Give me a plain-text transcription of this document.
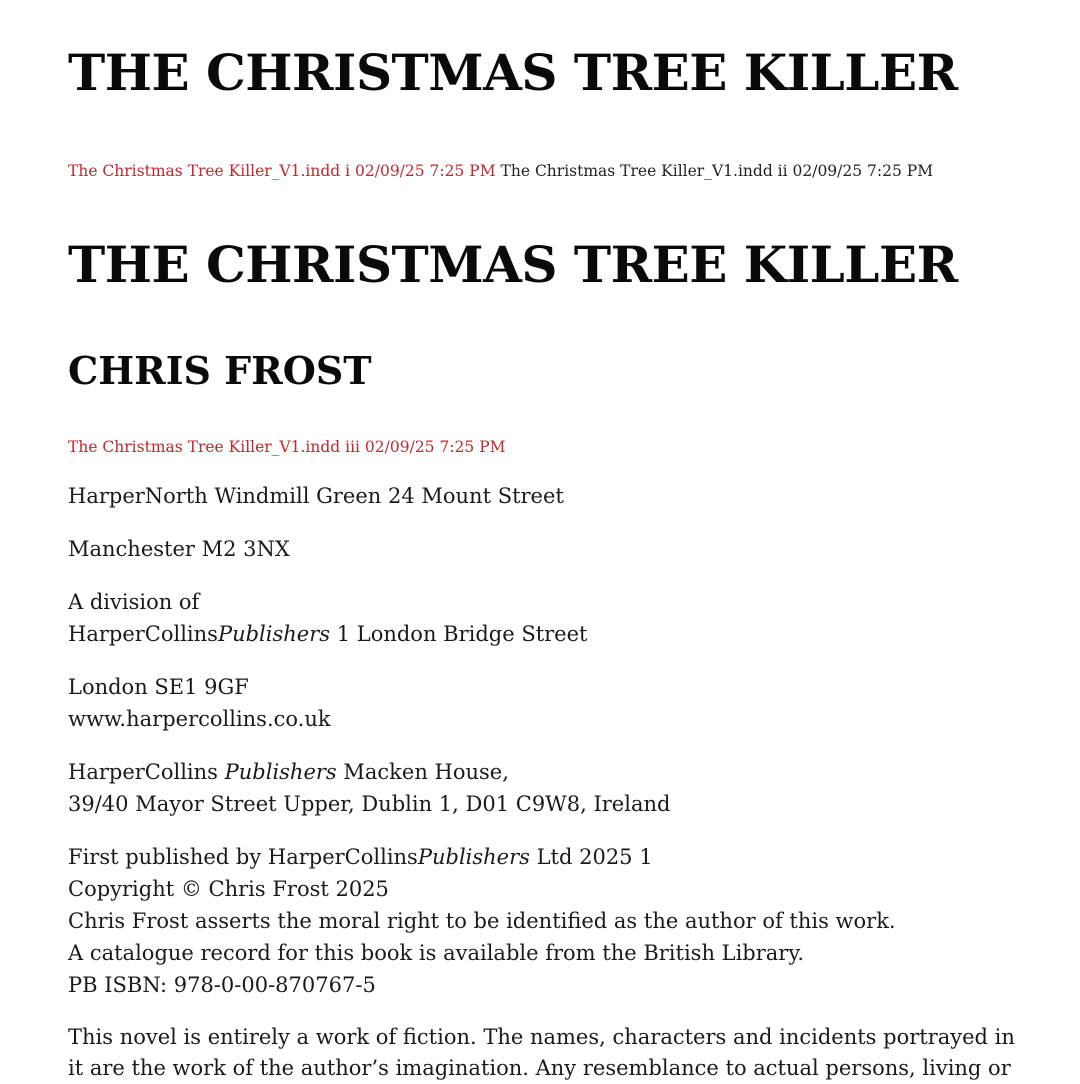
THE CHRISTMAS TREE KILLER
The Christmas Tree Killer_V1.indd i 02/09/25 7:25 PM The Christmas Tree Killer_V1.indd ii 02/09/25 7:25 PM
THE CHRISTMAS TREE KILLER
CHRIS FROST
The Christmas Tree Killer_V1.indd iii 02/09/25 7:25 PM
HarperNorth Windmill Green 24 Mount Street
Manchester M2 3NX
A division of
HarperCollinsPublishers 1 London Bridge Street
London SE1 9GF
www.harpercollins.co.uk
HarperCollins Publishers Macken House,
39/40 Mayor Street Upper, Dublin 1, D01 C9W8, Ireland
First published by HarperCollinsPublishers Ltd 2025 1
Copyright © Chris Frost 2025
Chris Frost asserts the moral right to be identified as the author of this work.
A catalogue record for this book is available from the British Library.
PB ISBN: 978-0-00-870767-5
This novel is entirely a work of fiction. The names, characters and incidents portrayed in
it are the work of the author’s imagination. Any resemblance to actual persons, living or
